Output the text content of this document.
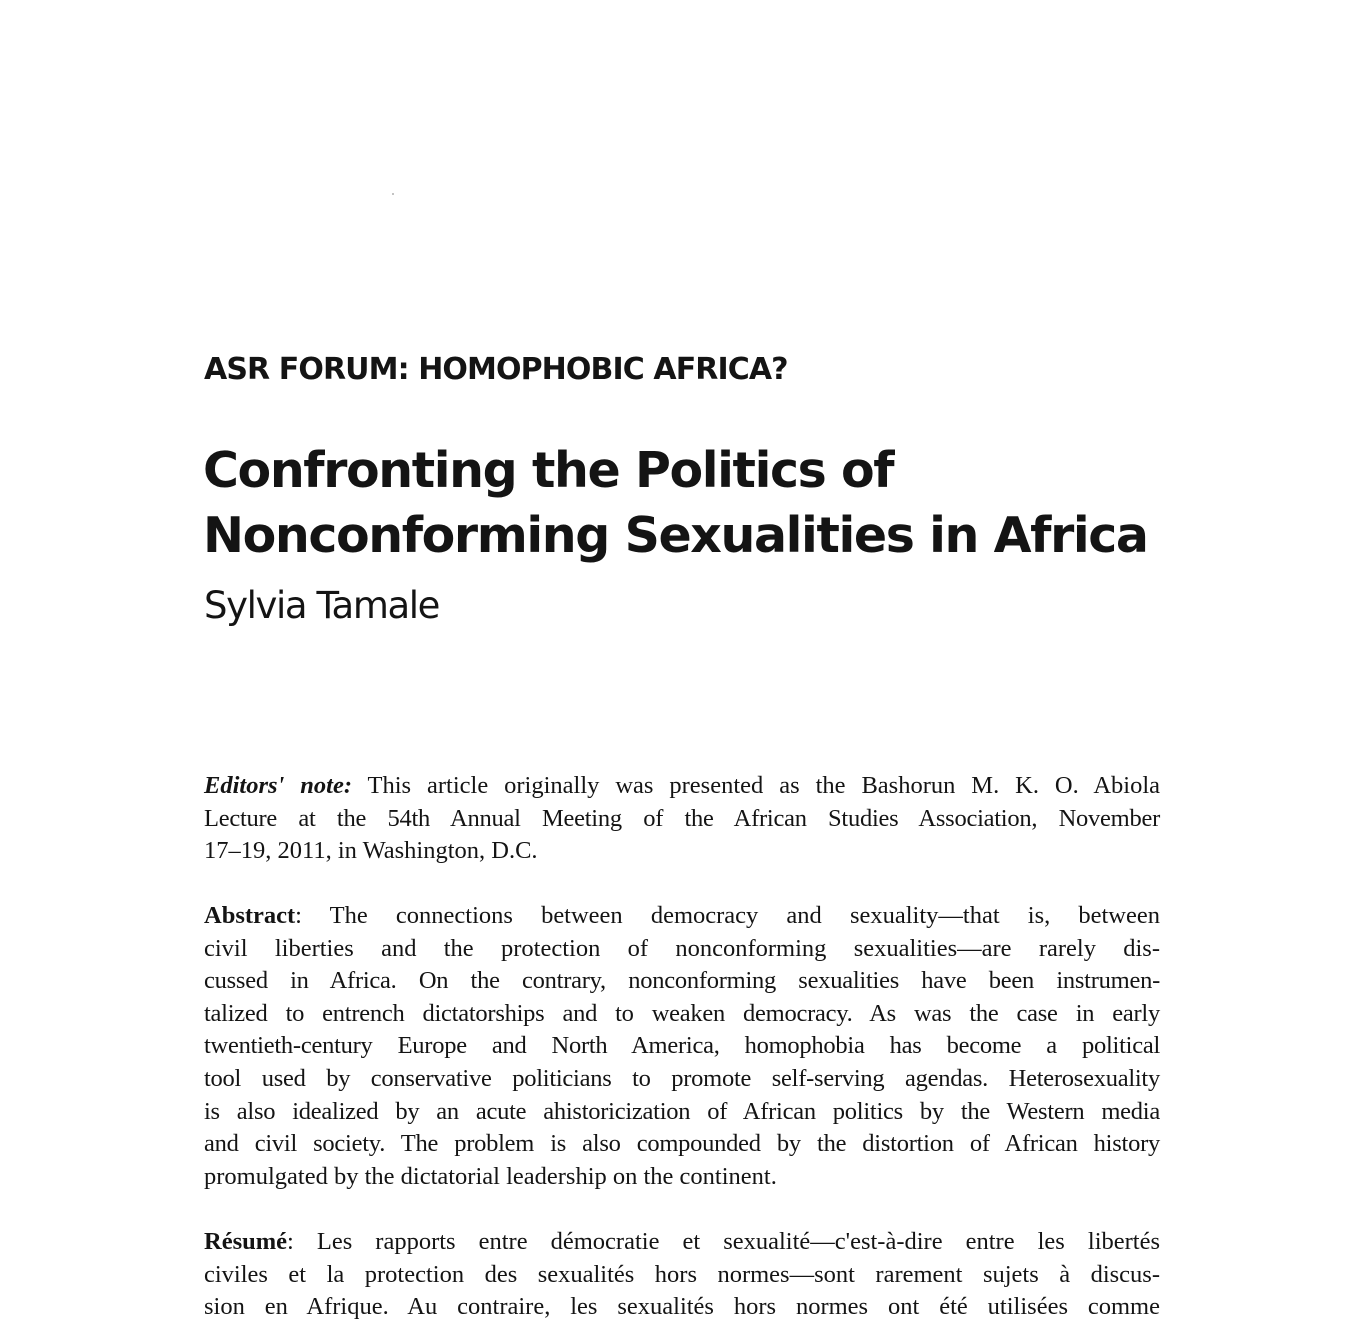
ASR FORUM: HOMOPHOBIC AFRICA?
Confronting the Politics of
Nonconforming Sexualities in Africa

Sylvia Tamale

Editors' note: This article originally was presented as the Bashorun M. K. O. Abiola
Lecture at the 54th Annual Meeting of the African Studies Association, November
17–19, 2011, in Washington, D.C.

Abstract: The connections between democracy and sexuality—that is, between
civil liberties and the protection of nonconforming sexualities—are rarely dis-
cussed in Africa. On the contrary, nonconforming sexualities have been instrumen-
talized to entrench dictatorships and to weaken democracy. As was the case in early
twentieth-century Europe and North America, homophobia has become a political
tool used by conservative politicians to promote self-serving agendas. Heterosexuality
is also idealized by an acute ahistoricization of African politics by the Western media
and civil society. The problem is also compounded by the distortion of African history
promulgated by the dictatorial leadership on the continent.

Résumé: Les rapports entre démocratie et sexualité—c'est-à-dire entre les libertés
civiles et la protection des sexualités hors normes—sont rarement sujets à discus-
sion en Afrique. Au contraire, les sexualités hors normes ont été utilisées comme
